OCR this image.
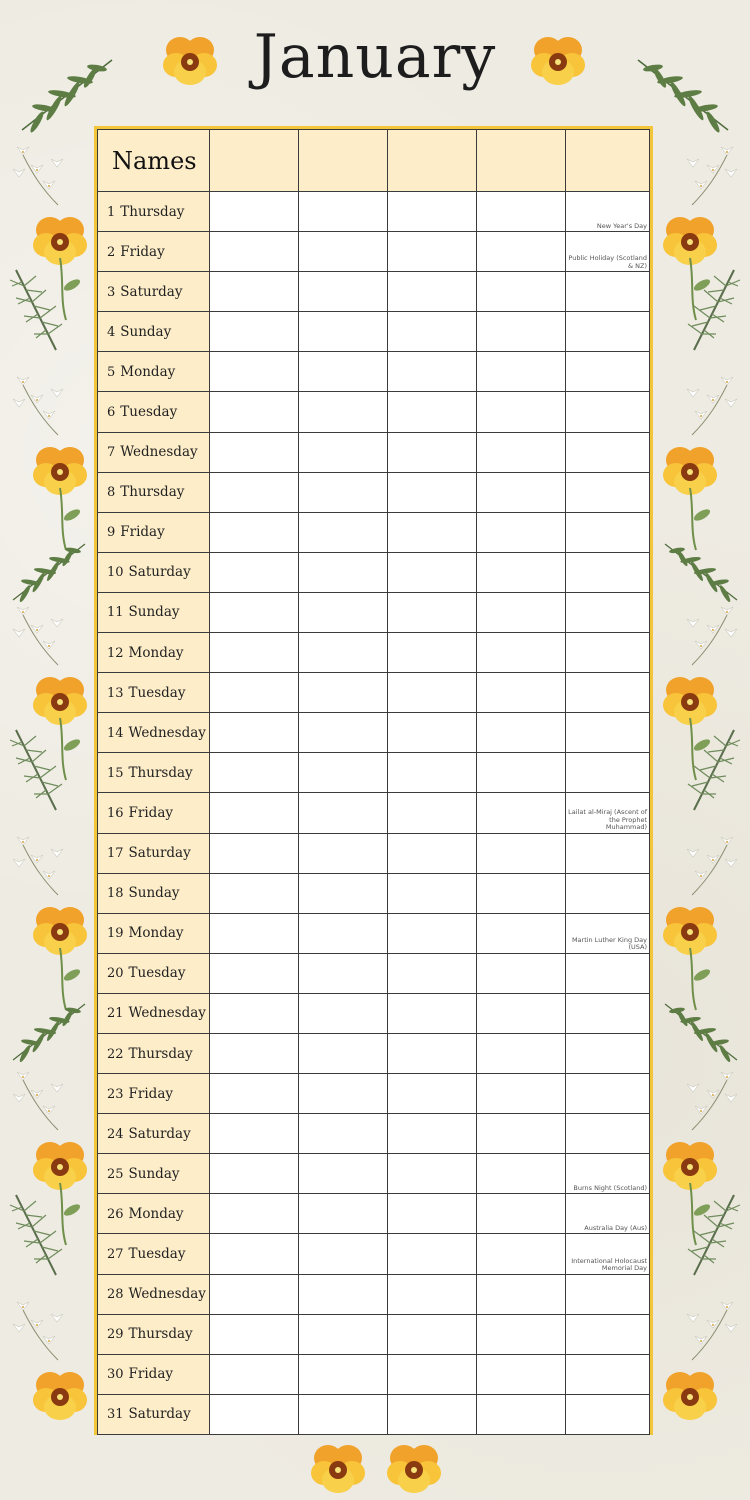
January
Names					
1 Thursday					New Year's Day

2 Friday					Public Holiday (Scotland & NZ)

3 Saturday					

4 Sunday					

5 Monday					

6 Tuesday					

7 Wednesday					

8 Thursday					

9 Friday					

10 Saturday					

11 Sunday					

12 Monday					

13 Tuesday					

14 Wednesday					

15 Thursday					

16 Friday					Lailat al-Miraj (Ascent of the Prophet Muhammad)

17 Saturday					

18 Sunday					

19 Monday					Martin Luther King Day (USA)

20 Tuesday					

21 Wednesday					

22 Thursday					

23 Friday					

24 Saturday					

25 Sunday					Burns Night (Scotland)

26 Monday					Australia Day (Aus)

27 Tuesday					International Holocaust Memorial Day

28 Wednesday					

29 Thursday					

30 Friday					

31 Saturday					
